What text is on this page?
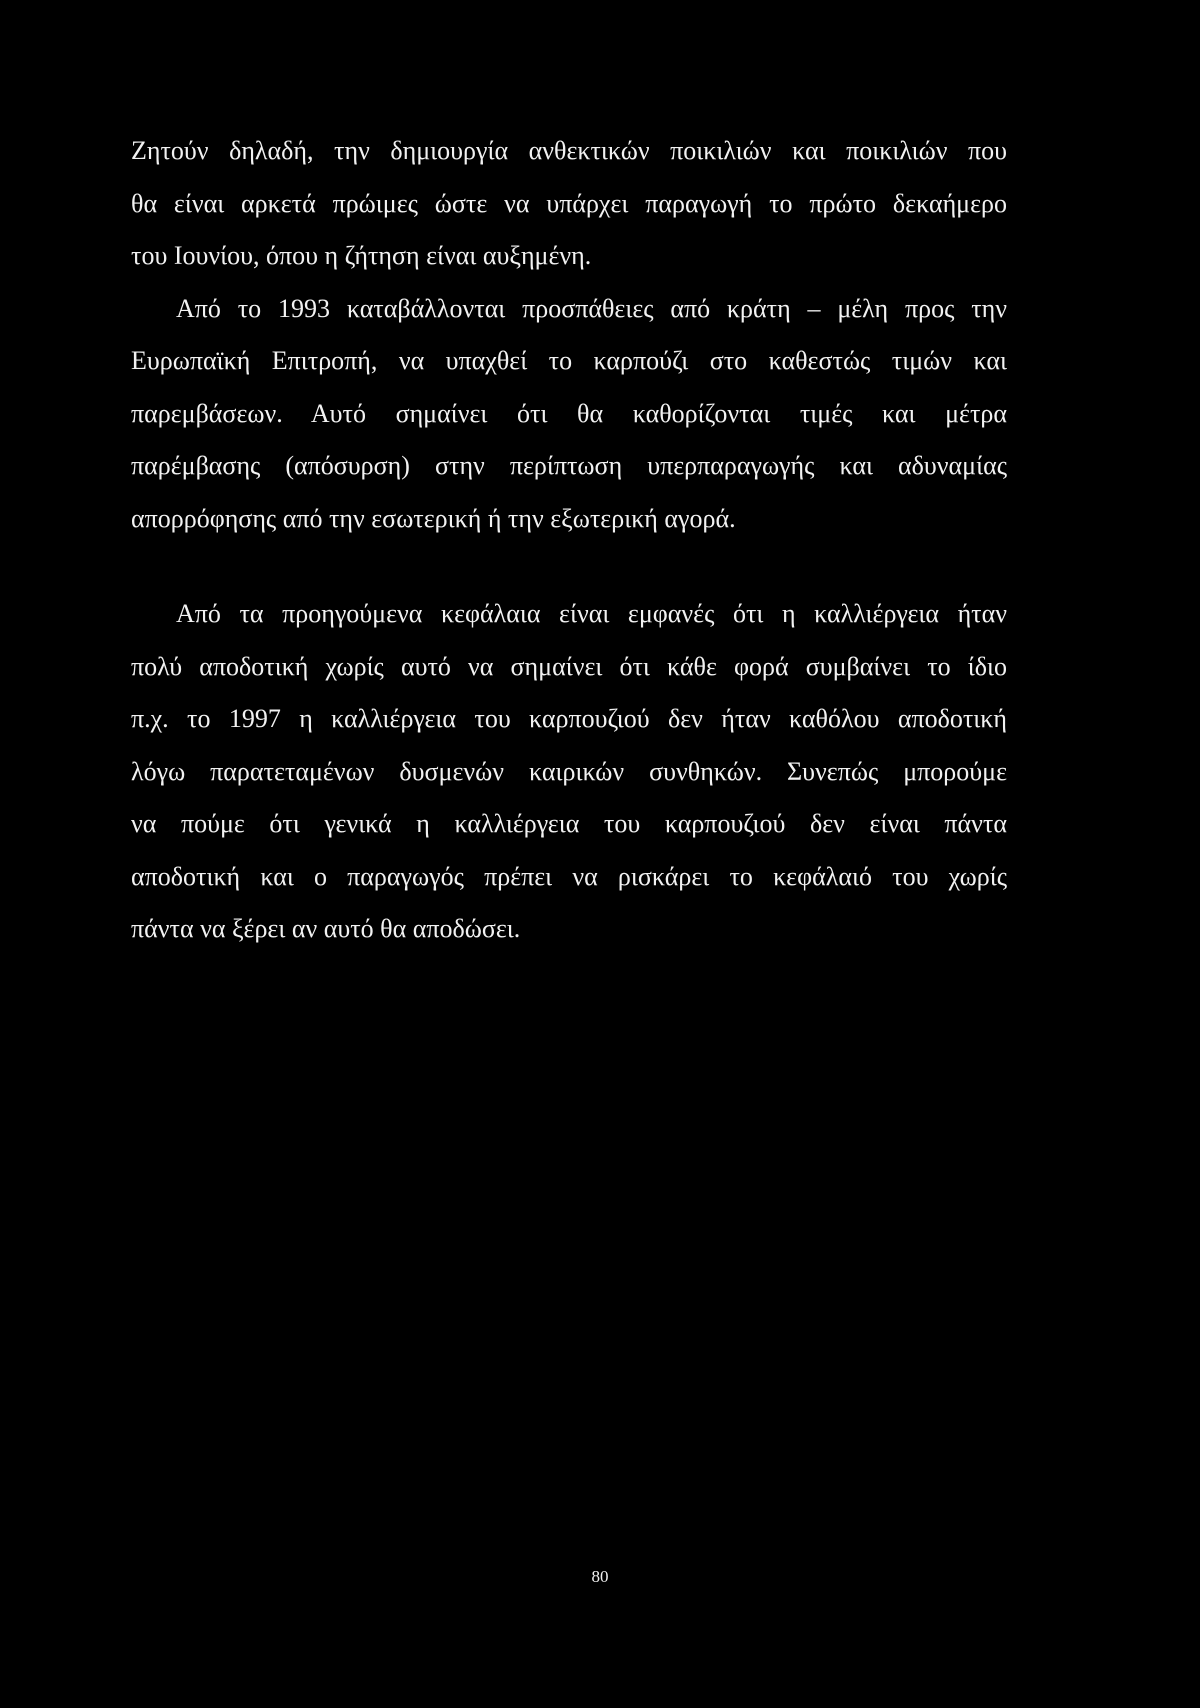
Ζητούν δηλαδή, την δημιουργία ανθεκτικών ποικιλιών και ποικιλιών που
θα είναι αρκετά πρώιμες ώστε να υπάρχει παραγωγή το πρώτο δεκαήμερο
του Ιουνίου, όπου η ζήτηση είναι αυξημένη.
Από το 1993 καταβάλλονται προσπάθειες από κράτη – μέλη προς την
Ευρωπαϊκή Επιτροπή, να υπαχθεί το καρπούζι στο καθεστώς τιμών και
παρεμβάσεων. Αυτό σημαίνει ότι θα καθορίζονται τιμές και μέτρα
παρέμβασης (απόσυρση) στην περίπτωση υπερπαραγωγής και αδυναμίας
απορρόφησης από την εσωτερική ή την εξωτερική αγορά.
Από τα προηγούμενα κεφάλαια είναι εμφανές ότι η καλλιέργεια ήταν
πολύ αποδοτική χωρίς αυτό να σημαίνει ότι κάθε φορά συμβαίνει το ίδιο
π.χ. το 1997 η καλλιέργεια του καρπουζιού δεν ήταν καθόλου αποδοτική
λόγω παρατεταμένων δυσμενών καιρικών συνθηκών. Συνεπώς μπορούμε
να πούμε ότι γενικά η καλλιέργεια του καρπουζιού δεν είναι πάντα
αποδοτική και ο παραγωγός πρέπει να ρισκάρει το κεφάλαιό του χωρίς
πάντα να ξέρει αν αυτό θα αποδώσει.
80
